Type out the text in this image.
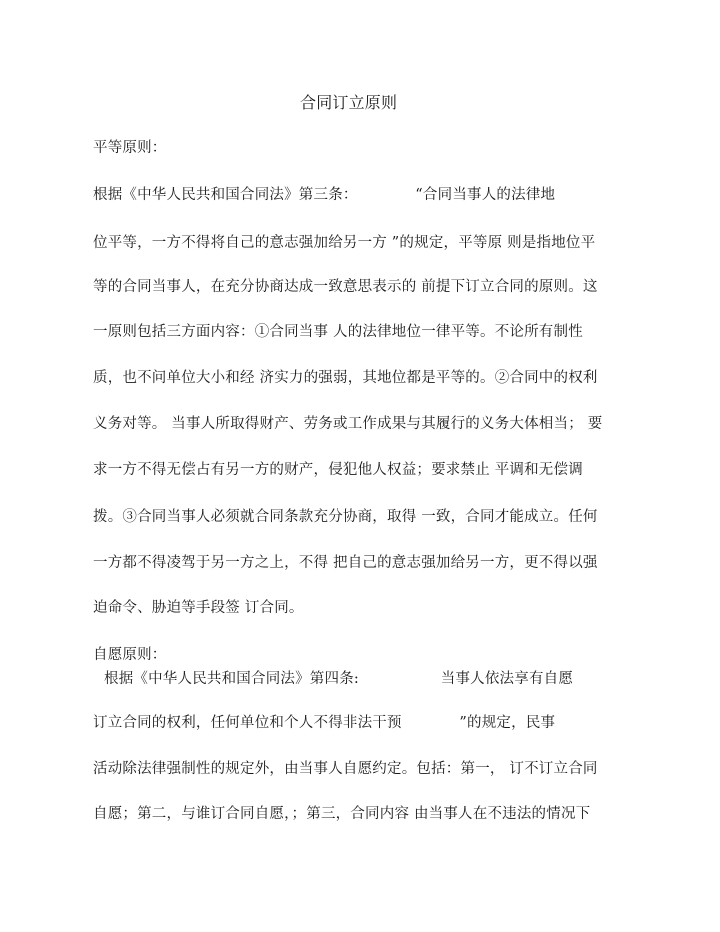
合同订立原则
平等原则：
根据《中华人民共和国合同法》第三条：            “合同当事人的法律地
位平等，一方不得将自己的意志强加给另一方 ”的规定，平等原 则是指地位平
等的合同当事人，在充分协商达成一致意思表示的 前提下订立合同的原则。这
一原则包括三方面内容：①合同当事 人的法律地位一律平等。不论所有制性
质，也不问单位大小和经 济实力的强弱，其地位都是平等的。②合同中的权利
义务对等。 当事人所取得财产、劳务或工作成果与其履行的义务大体相当； 要
求一方不得无偿占有另一方的财产，侵犯他人权益；要求禁止 平调和无偿调
拨。③合同当事人必须就合同条款充分协商，取得 一致，合同才能成立。任何
一方都不得凌驾于另一方之上，不得 把自己的意志强加给另一方，更不得以强
迫命令、胁迫等手段签 订合同。
自愿原则：
根据《中华人民共和国合同法》第四条:                 当事人依法享有自愿
订立合同的权利，任何单位和个人不得非法干预            ”的规定，民事
活动除法律强制性的规定外，由当事人自愿约定。包括：第一， 订不订立合同
自愿；第二，与谁订合同自愿，；第三，合同内容 由当事人在不违法的情况下
